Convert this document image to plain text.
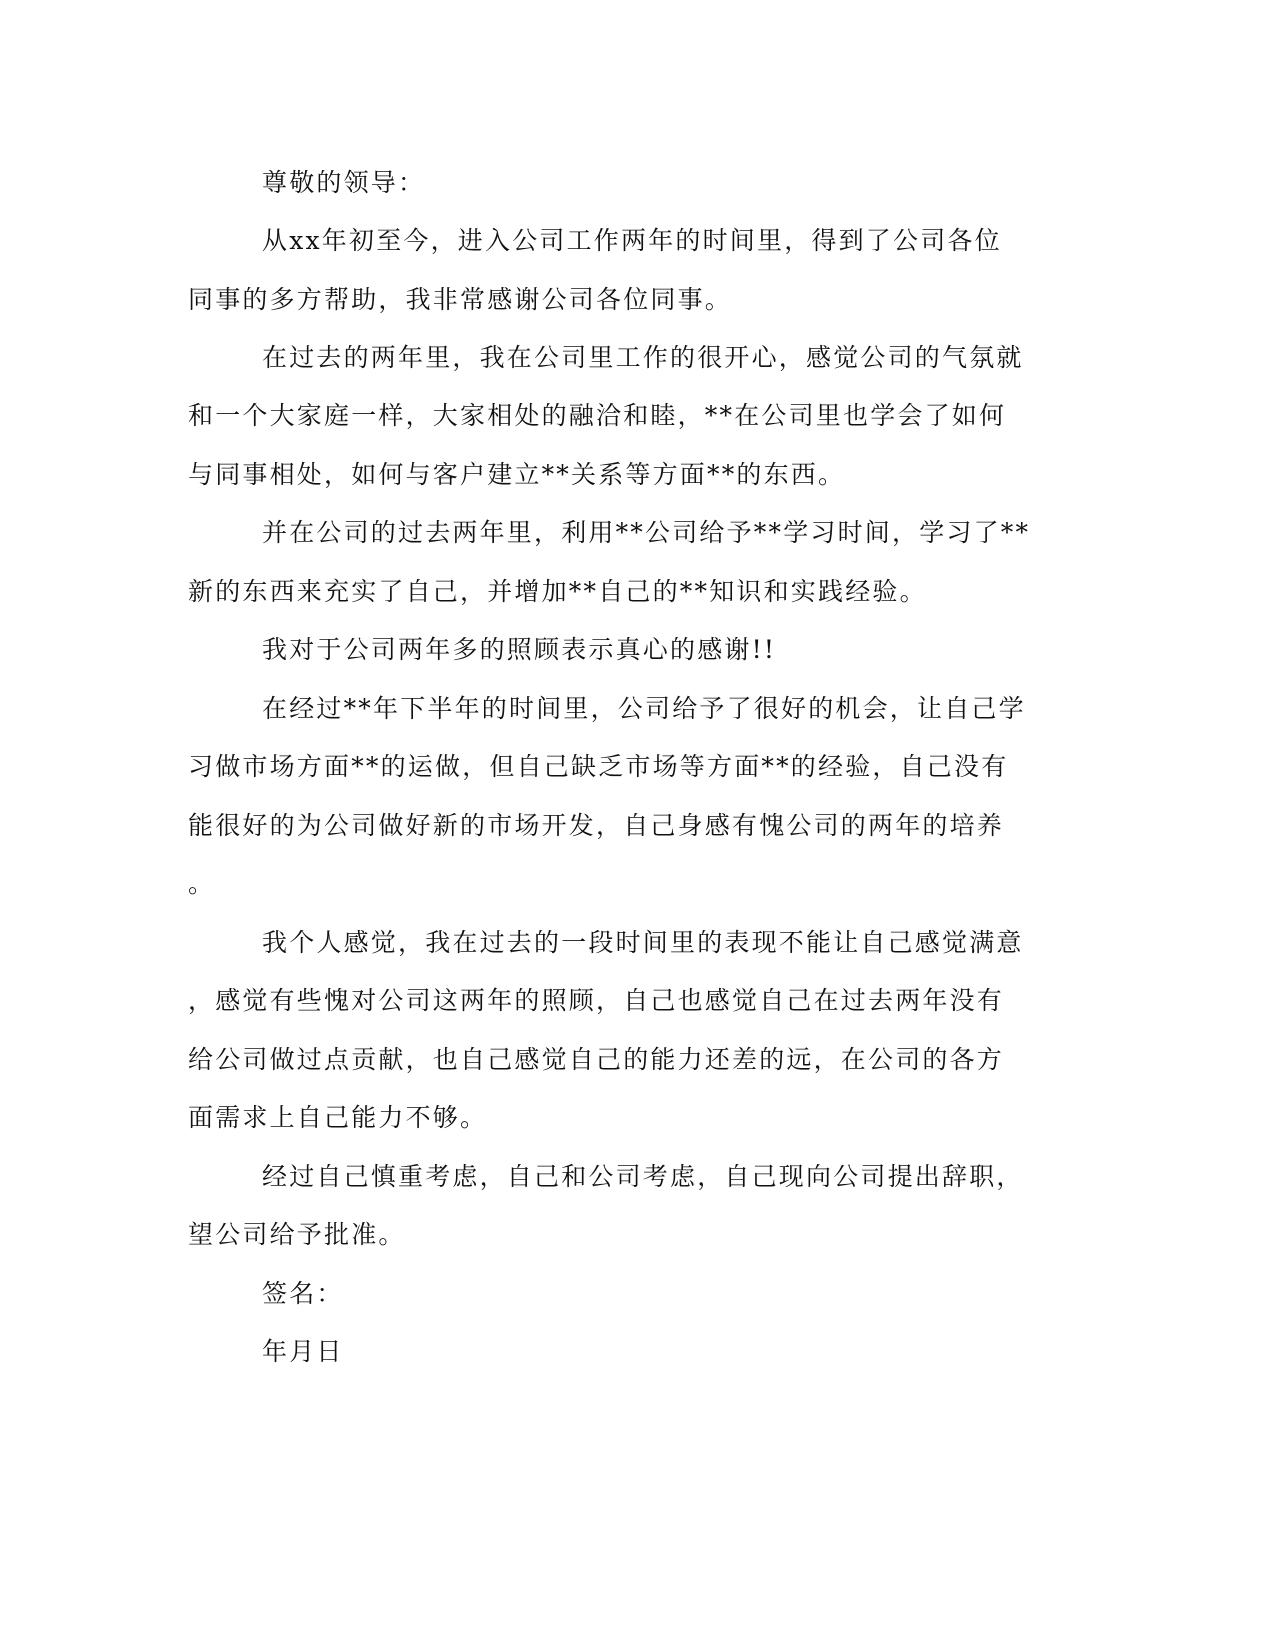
尊敬的领导：

从xx年初至今，进入公司工作两年的时间里，得到了公司各位

同事的多方帮助，我非常感谢公司各位同事。

在过去的两年里，我在公司里工作的很开心，感觉公司的气氛就

和一个大家庭一样，大家相处的融洽和睦，**在公司里也学会了如何

与同事相处，如何与客户建立**关系等方面**的东西。

并在公司的过去两年里，利用**公司给予**学习时间，学习了**

新的东西来充实了自己，并增加**自己的**知识和实践经验。

我对于公司两年多的照顾表示真心的感谢!!

在经过**年下半年的时间里，公司给予了很好的机会，让自己学

习做市场方面**的运做，但自己缺乏市场等方面**的经验，自己没有

能很好的为公司做好新的市场开发，自己身感有愧公司的两年的培养

。

我个人感觉，我在过去的一段时间里的表现不能让自己感觉满意

，感觉有些愧对公司这两年的照顾，自己也感觉自己在过去两年没有

给公司做过点贡献，也自己感觉自己的能力还差的远，在公司的各方

面需求上自己能力不够。

经过自己慎重考虑，自己和公司考虑，自己现向公司提出辞职，

望公司给予批准。

签名：

年月日
